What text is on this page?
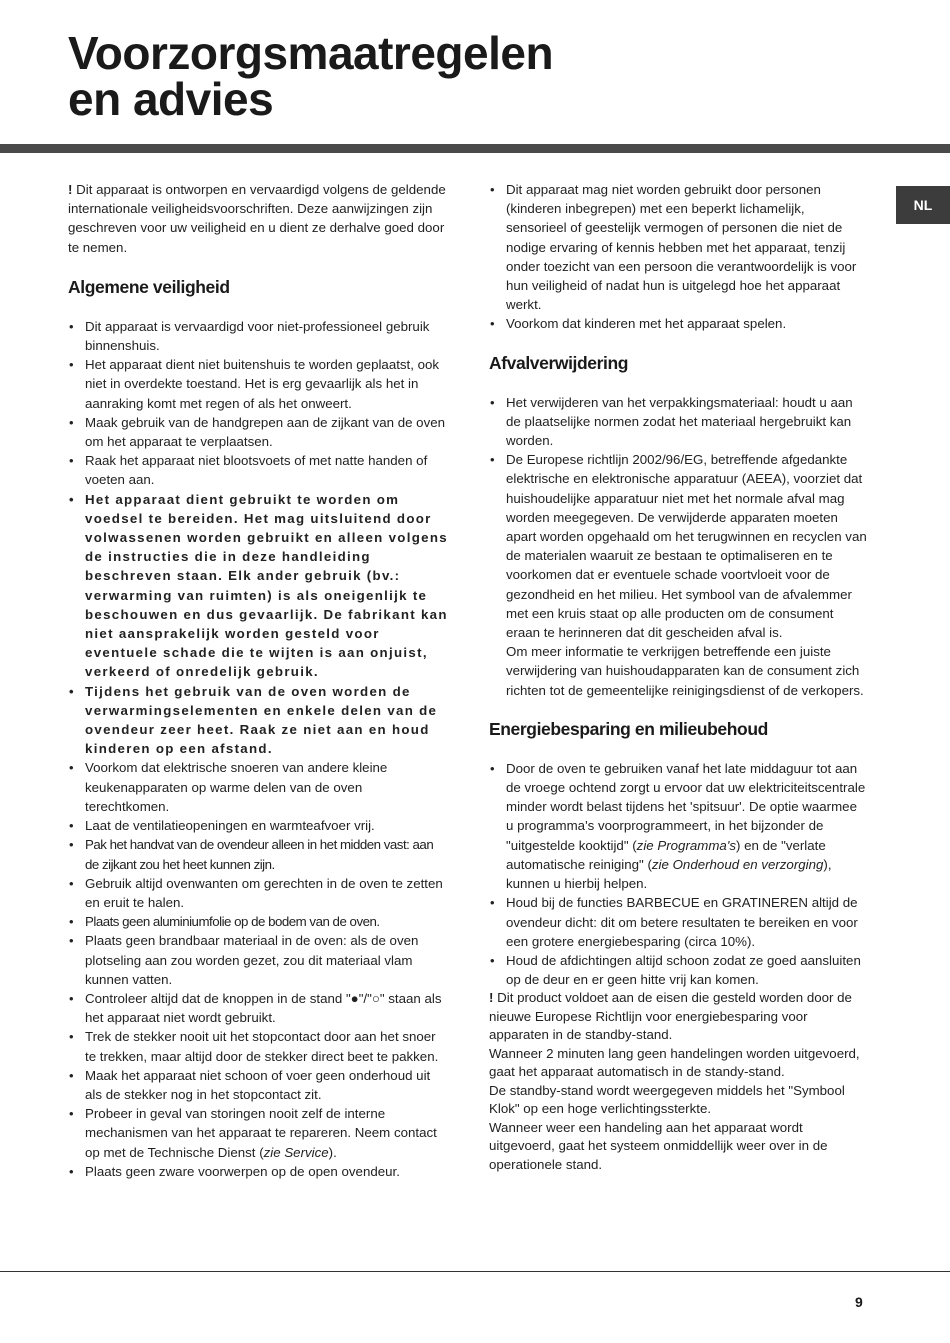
Voorzorgsmaatregelen
en advies
NL

! Dit apparaat is ontworpen en vervaardigd volgens de geldende internationale veiligheidsvoorschriften. Deze aanwijzingen zijn geschreven voor uw veiligheid en u dient ze derhalve goed door te nemen.

Algemene veiligheid
• Dit apparaat is vervaardigd voor niet-professioneel gebruik binnenshuis.
• Het apparaat dient niet buitenshuis te worden geplaatst, ook niet in overdekte toestand. Het is erg gevaarlijk als het in aanraking komt met regen of als het onweert.
• Maak gebruik van de handgrepen aan de zijkant van de oven om het apparaat te verplaatsen.
• Raak het apparaat niet blootsvoets of met natte handen of voeten aan.
• Het apparaat dient gebruikt te worden om voedsel te bereiden. Het mag uitsluitend door volwassenen worden gebruikt en alleen volgens de instructies die in deze handleiding beschreven staan. Elk ander gebruik (bv.: verwarming van ruimten) is als oneigenlijk te beschouwen en dus gevaarlijk. De fabrikant kan niet aansprakelijk worden gesteld voor eventuele schade die te wijten is aan onjuist, verkeerd of onredelijk gebruik.
• Tijdens het gebruik van de oven worden de verwarmingselementen en enkele delen van de ovendeur zeer heet. Raak ze niet aan en houd kinderen op een afstand.
• Voorkom dat elektrische snoeren van andere kleine keukenapparaten op warme delen van de oven terechtkomen.
• Laat de ventilatieopeningen en warmteafvoer vrij.
• Pak het handvat van de ovendeur alleen in het midden vast: aan de zijkant zou het heet kunnen zijn.
• Gebruik altijd ovenwanten om gerechten in de oven te zetten en eruit te halen.
• Plaats geen aluminiumfolie op de bodem van de oven.
• Plaats geen brandbaar materiaal in de oven: als de oven plotseling aan zou worden gezet, zou dit materiaal vlam kunnen vatten.
• Controleer altijd dat de knoppen in de stand "●"/"○" staan als het apparaat niet wordt gebruikt.
• Trek de stekker nooit uit het stopcontact door aan het snoer te trekken, maar altijd door de stekker direct beet te pakken.
• Maak het apparaat niet schoon of voer geen onderhoud uit als de stekker nog in het stopcontact zit.
• Probeer in geval van storingen nooit zelf de interne mechanismen van het apparaat te repareren. Neem contact op met de Technische Dienst (zie Service).
• Plaats geen zware voorwerpen op de open ovendeur.
• Dit apparaat mag niet worden gebruikt door personen (kinderen inbegrepen) met een beperkt lichamelijk, sensorieel of geestelijk vermogen of personen die niet de nodige ervaring of kennis hebben met het apparaat, tenzij onder toezicht van een persoon die verantwoordelijk is voor hun veiligheid of nadat hun is uitgelegd hoe het apparaat werkt.
• Voorkom dat kinderen met het apparaat spelen.
Afvalverwijdering
• Het verwijderen van het verpakkingsmateriaal: houdt u aan de plaatselijke normen zodat het materiaal hergebruikt kan worden.
• De Europese richtlijn 2002/96/EG, betreffende afgedankte elektrische en elektronische apparatuur (AEEA), voorziet dat huishoudelijke apparatuur niet met het normale afval mag worden meegegeven. De verwijderde apparaten moeten apart worden opgehaald om het terugwinnen en recyclen van de materialen waaruit ze bestaan te optimaliseren en te voorkomen dat er eventuele schade voortvloeit voor de gezondheid en het milieu. Het symbool van de afvalemmer met een kruis staat op alle producten om de consument eraan te herinneren dat dit gescheiden afval is.
Om meer informatie te verkrijgen betreffende een juiste verwijdering van huishoudapparaten kan de consument zich richten tot de gemeentelijke reinigingsdienst of de verkopers.
Energiebesparing en milieubehoud
• Door de oven te gebruiken vanaf het late middaguur tot aan de vroege ochtend zorgt u ervoor dat uw elektriciteitscentrale minder wordt belast tijdens het 'spitsuur'. De optie waarmee u programma's voorprogrammeert, in het bijzonder de "uitgestelde kooktijd" (zie Programma's) en de "verlate automatische reiniging" (zie Onderhoud en verzorging), kunnen u hierbij helpen.
• Houd bij de functies BARBECUE en GRATINEREN altijd de ovendeur dicht: dit om betere resultaten te bereiken en voor een grotere energiebesparing (circa 10%).
• Houd de afdichtingen altijd schoon zodat ze goed aansluiten op de deur en er geen hitte vrij kan komen.

! Dit product voldoet aan de eisen die gesteld worden door de nieuwe Europese Richtlijn voor energiebesparing voor apparaten in de standby-stand.

Wanneer 2 minuten lang geen handelingen worden uitgevoerd, gaat het apparaat automatisch in de standy-stand.

De standby-stand wordt weergegeven middels het "Symbool Klok" op een hoge verlichtingssterkte.

Wanneer weer een handeling aan het apparaat wordt uitgevoerd, gaat het systeem onmiddellijk weer over in de operationele stand.

9
